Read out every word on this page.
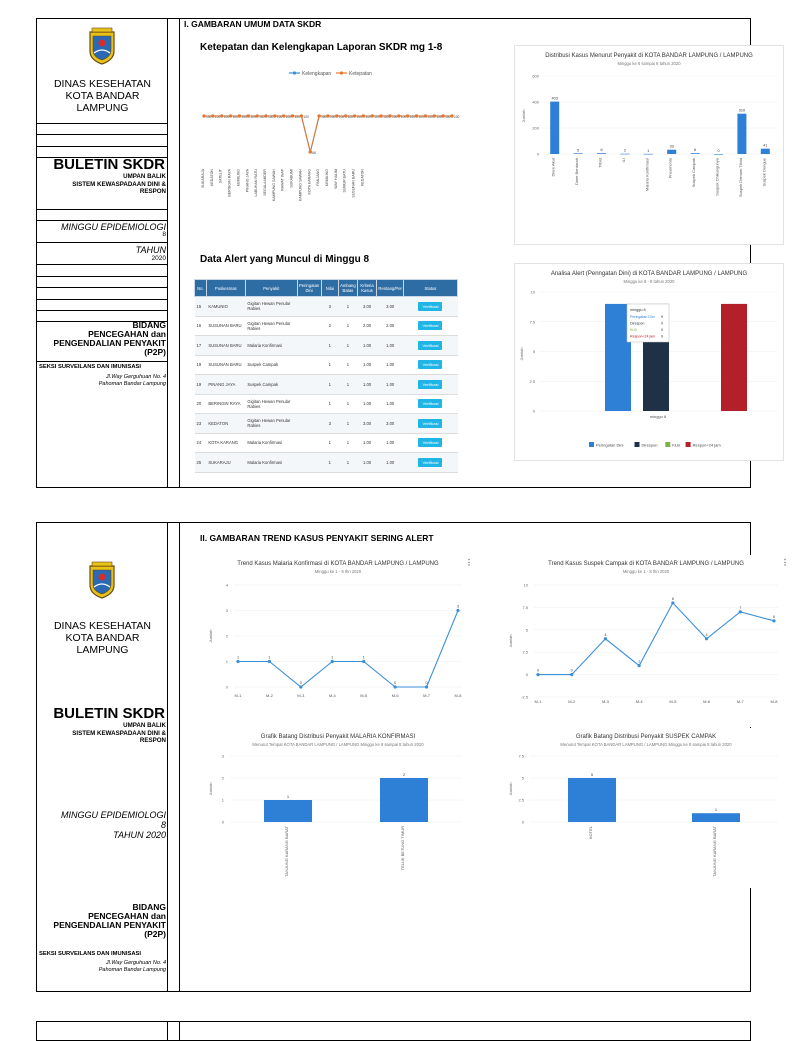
DINAS KESEHATAN
KOTA BANDAR
LAMPUNG
BULETIN SKDR
UMPAN BALIK
SISTEM KEWASPADAAN DINI &
RESPON
MINGGU EPIDEMIOLOGI
8
TAHUN
2020
BIDANG
PENCEGAHAN dan
PENGENDALIAN PENYAKIT
(P2P)
SEKSI SURVEILANS DAN IMUNISASI
Jl.Way Gerguhuan No. 4
Pahoman Bandar Lampung
I. GAMBARAN UMUM DATA SKDR
Ketepatan dan Kelengkapan Laporan SKDR mg 1-8
Kelengkapan	Ketepatan
100 100 100 100 100 100 100 100 100 100 100 100
68
100 100 100 100 100 100 100 100 100 100 100 100 100 100 100 100
SUKARAJA KEDATON SATELIT BERINGIN RAYA KEMILING PINANG JAYA LABUHAN RATU SEGALA MIDER KAMPUNG SAWAH RAWAT INAP SUKABUMI KAMPUNG SAWAH KOTA KARANG PANJANG KEMILING WAY HALIM SUMUR BATU SUSUNAN BARU KEDATON
Data Alert yang Muncul di Minggu 8
No.	Puskesmas	Penyakit	Peringatan Dini	Nilai	Ambang Batas	Kriteria Kasus	Rentang/Per	Status
15	KAMUNIO	Gigitan Hewan Penular Rabies		3	1	3.00	3.00	Verifikasi
16	SUSUNAN BARU	Gigitan Hewan Penular Rabies		2	1	2.00	2.00	Verifikasi
17	SUSUNAN BARU	Malaria Konfirmasi		1	1	1.00	1.00	Verifikasi
19	SUSUNAN BARU	Suspek Campak		1	1	1.00	1.00	Verifikasi
19	PINANG JAYA	Suspek Campak		1	1	1.00	1.00	Verifikasi
20	BERINGIN RAYA	Gigitan Hewan Penular Rabies		1	1	1.00	1.00	Verifikasi
23	KEDATON	Gigitan Hewan Penular Rabies		3	1	3.00	3.00	Verifikasi
24	KOTA KARANG	Malaria Konfirmasi		1	1	1.00	1.00	Verifikasi
25	SUKARAJU	Malaria Konfirmasi		1	1	1.00	1.00	Verifikasi
Distribusi Kasus Menurut Penyakit di KOTA BANDAR LAMPUNG / LAMPUNG
Minggu ke 8 sampai 8 tahun 2020
0
200
400
600
Jumlah
403
Diare Akut
5
Diare Berdarah
6
Tifoid
2
ILI
1
Malaria Konfirmasi
33
Pneumonia
6
Suspek Campak
0
Suspek Chikungunya
310
Suspek Demam Tifoid
41
Suspek Dengue
Analisa Alert (Penngatan Dini) di KOTA BANDAR LAMPUNG / LAMPUNG
Minggu ke 8 - 8 tahun 2020
0
2.5
5
7.5
10
Jumlah
minggu 8
minggu 8
Peringatan Dini 9
Direspon	9
KLB	0
Respon<24 jam 9
Peringatan Dini	Direspon	KLB	Respon<24 jam
DINAS KESEHATAN
KOTA BANDAR
LAMPUNG
BULETIN SKDR
UMPAN BALIK
SISTEM KEWASPADAAN DINI &
RESPON
MINGGU EPIDEMIOLOGI
8
TAHUN 2020
BIDANG
PENCEGAHAN dan
PENGENDALIAN PENYAKIT
(P2P)
SEKSI SURVEILANS DAN IMUNISASI
Jl.Way Gerguhuan No. 4
Pahoman Bandar Lampung
II. GAMBARAN TREND KASUS PENYAKIT SERING ALERT
Trend Kasus Malaria Konfirmasi di KOTA BANDAR LAMPUNG / LAMPUNG
Minggu ke 1 - 8 thn 2020
⋮
0
1
2
3
4
Jumlah
1
M-1
1
M-2
0
M-3
1
M-4
1
M-5
0
M-6
0
M-7
3
M-8
Trend Kasus Suspek Campak di KOTA BANDAR LAMPUNG / LAMPUNG
Minggu ke 1 - 8 thn 2020
⋮
-2.5
0
2.5
5
7.5
10
Jumlah
0
M-1
0
M-2
4
M-3
1
M-4
8
M-5
4
M-6
7
M-7
6
M-8
Grafik Batang Distribusi Penyakit MALARIA KONFIRMASI
Menurut Tempat KOTA BANDAR LAMPUNG / LAMPUNG Minggu ke 8 sampai 8 tahun 2020
0
1
2
3
Jumlah
1
TANJUNG KARANG BARAT
2
TELUK BETUNG TIMUR
Grafik Batang Distribusi Penyakit SUSPEK CAMPAK
Menurut Tempat KOTA BANDAR LAMPUNG / LAMPUNG Minggu ke 8 sampai 8 tahun 2020
0
2.5
5
7.5
Jumlah
5
KOTEL
1
TANJUNG KARANG BARAT
